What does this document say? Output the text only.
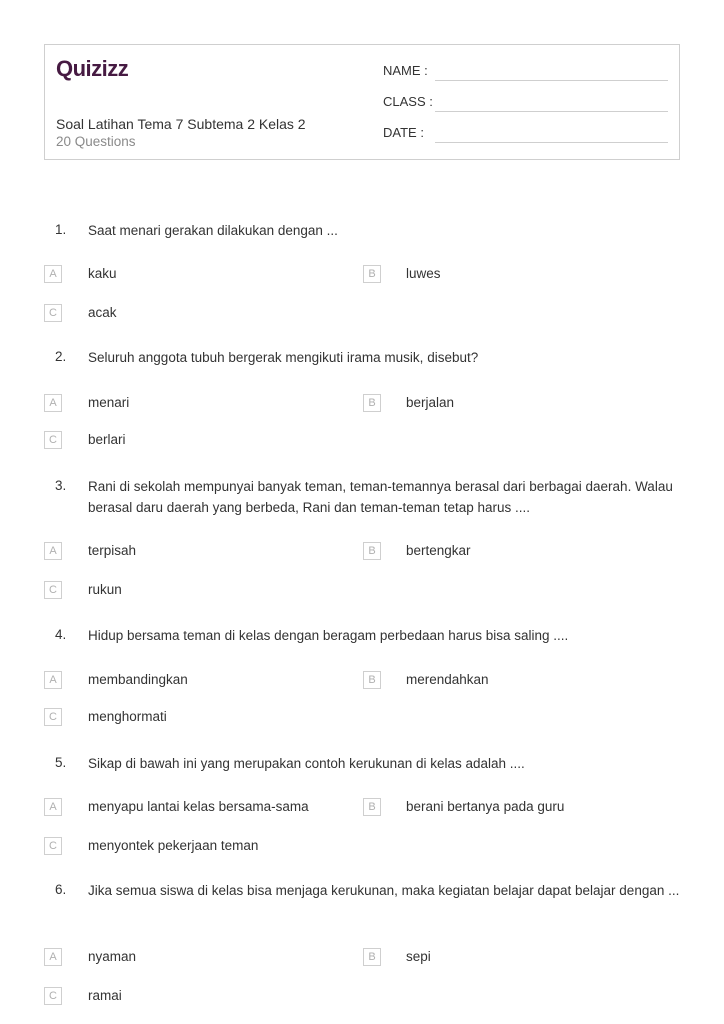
Quizizz
Soal Latihan Tema 7 Subtema 2 Kelas 2
20 Questions
NAME :
CLASS :
DATE :
1. Saat menari gerakan dilakukan dengan ...
A	kaku	B	luwes
C	acak
2. Seluruh anggota tubuh bergerak mengikuti irama musik, disebut?
A	menari	B	berjalan
C	berlari
3. Rani di sekolah mempunyai banyak teman, teman-temannya berasal dari berbagai daerah. Walau berasal daru daerah yang berbeda, Rani dan teman-teman tetap harus ....
A	terpisah	B	bertengkar
C	rukun
4. Hidup bersama teman di kelas dengan beragam perbedaan harus bisa saling ....
A	membandingkan	B	merendahkan
C	menghormati
5. Sikap di bawah ini yang merupakan contoh kerukunan di kelas adalah ....
A	menyapu lantai kelas bersama-sama	B	berani bertanya pada guru
C	menyontek pekerjaan teman
6. Jika semua siswa di kelas bisa menjaga kerukunan, maka kegiatan belajar dapat belajar dengan ...
A	nyaman	B	sepi
C	ramai
